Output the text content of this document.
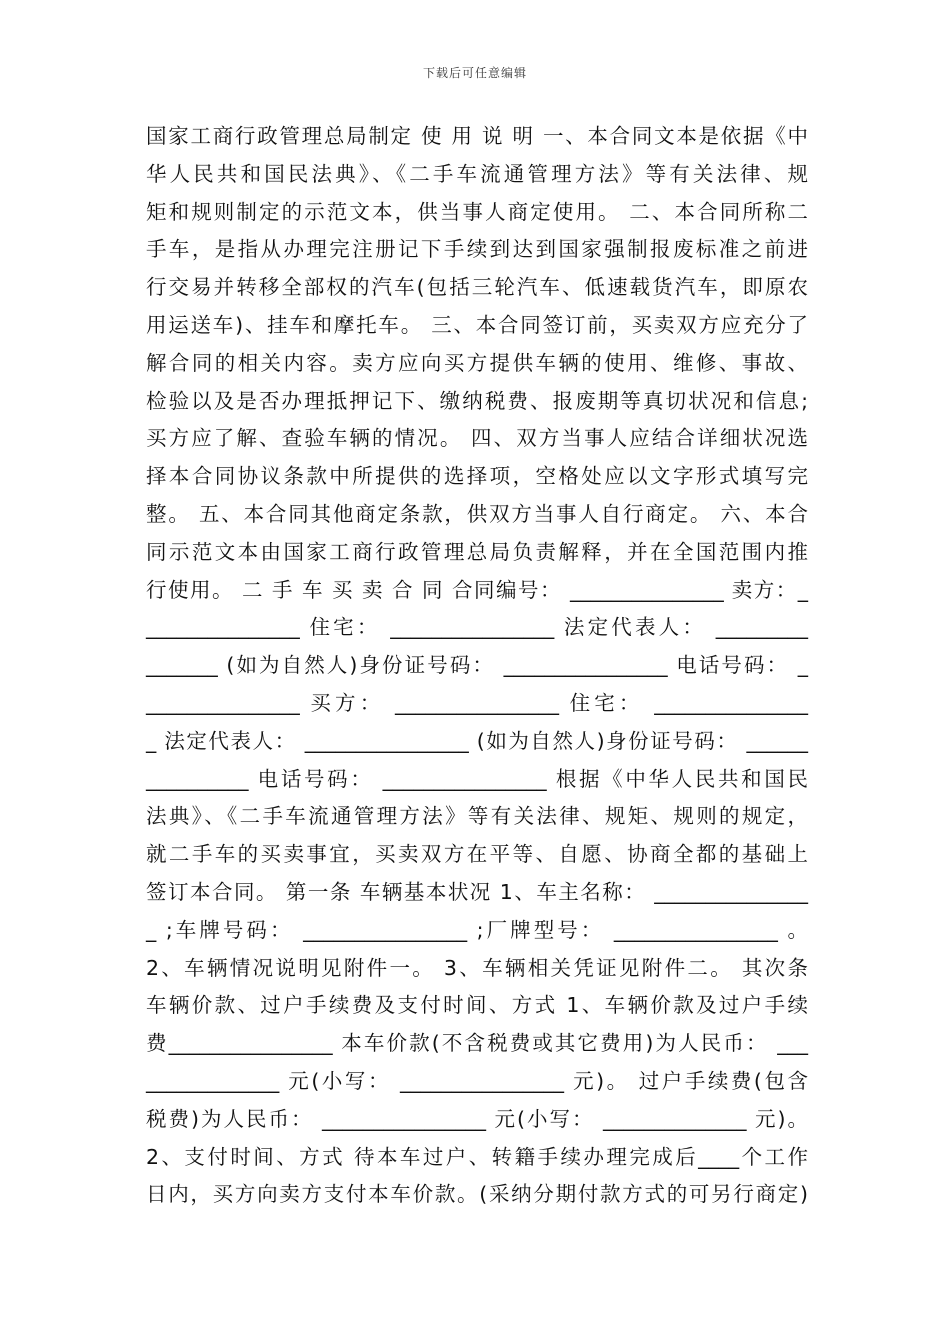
下载后可任意编辑
国家工商行政管理总局制定 使 用 说 明 一、本合同文本是依据《中
华人民共和国民法典》、《二手车流通管理方法》等有关法律、规
矩和规则制定的示范文本，供当事人商定使用。 二、本合同所称二
手车，是指从办理完注册记下手续到达到国家强制报废标准之前进
行交易并转移全部权的汽车(包括三轮汽车、低速载货汽车，即原农
用运送车)、挂车和摩托车。 三、本合同签订前，买卖双方应充分了
解合同的相关内容。卖方应向买方提供车辆的使用、维修、事故、
检验以及是否办理抵押记下、缴纳税费、报废期等真切状况和信息;
买方应了解、查验车辆的情况。 四、双方当事人应结合详细状况选
择本合同协议条款中所提供的选择项，空格处应以文字形式填写完
整。 五、本合同其他商定条款，供双方当事人自行商定。 六、本合
同示范文本由国家工商行政管理总局负责解释，并在全国范围内推
行使用。 二 手 车 买 卖 合 同 合同编号： _______________ 卖方：_
_______________ 住宅： ________________ 法定代表人： _________
_______ (如为自然人)身份证号码： ________________ 电话号码： _
_______________ 买方： ________________ 住宅： _______________
_ 法定代表人： ________________ (如为自然人)身份证号码： ______
__________ 电话号码： ________________ 根据《中华人民共和国民
法典》、《二手车流通管理方法》等有关法律、规矩、规则的规定，
就二手车的买卖事宜，买卖双方在平等、自愿、协商全都的基础上
签订本合同。 第一条 车辆基本状况 1、车主名称： _______________
_ ;车牌号码： ________________ ;厂牌型号： ________________ 。
2、车辆情况说明见附件一。 3、车辆相关凭证见附件二。 其次条
车辆价款、过户手续费及支付时间、方式 1、车辆价款及过户手续
费________________ 本车价款(不含税费或其它费用)为人民币： ___
_____________ 元(小写： ________________ 元)。 过户手续费(包含
税费)为人民币： ________________ 元(小写： ______________ 元)。
2、支付时间、方式 待本车过户、转籍手续办理完成后____个工作
日内，买方向卖方支付本车价款。(采纳分期付款方式的可另行商定)
